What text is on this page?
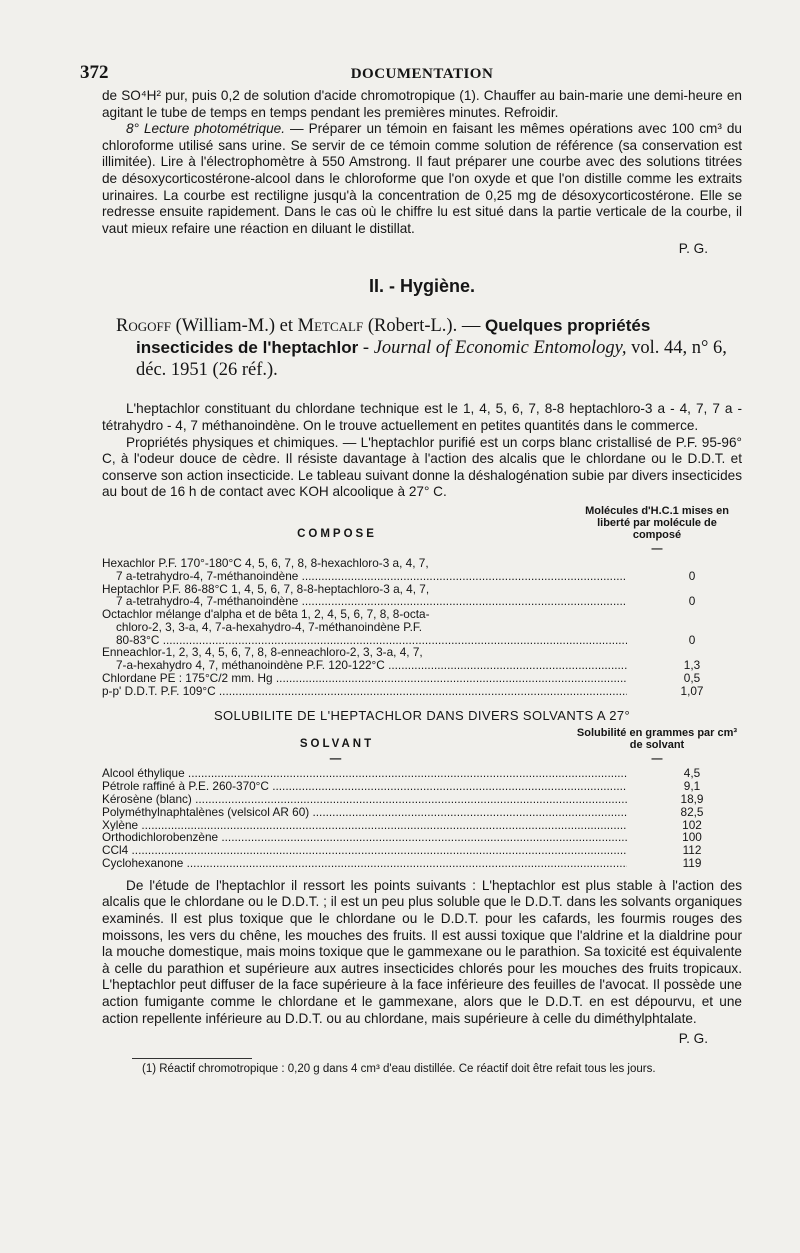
372	DOCUMENTATION

de SO⁴H² pur, puis 0,2 de solution d'acide chromotropique (1). Chauffer au bain-marie une demi-heure en agitant le tube de temps en temps pendant les premières minutes. Refroidir.

8° Lecture photométrique. — Préparer un témoin en faisant les mêmes opérations avec 100 cm³ du chloroforme utilisé sans urine. Se servir de ce témoin comme solution de référence (sa conservation est illimitée). Lire à l'électrophomètre à 550 Amstrong. Il faut préparer une courbe avec des solutions titrées de désoxycorticostérone-alcool dans le chloroforme que l'on oxyde et que l'on distille comme les extraits urinaires. La courbe est rectiligne jusqu'à la concentration de 0,25 mg de désoxycorticostérone. Elle se redresse ensuite rapidement. Dans le cas où le chiffre lu est situé dans la partie verticale de la courbe, il vaut mieux refaire une réaction en diluant le distillat.

P. G.
II. - Hygiène.
Rogoff (William-M.) et Metcalf (Robert-L.). — Quelques propriétés insecticides de l'heptachlor - Journal of Economic Entomology, vol. 44, n° 6, déc. 1951 (26 réf.).

L'heptachlor constituant du chlordane technique est le 1, 4, 5, 6, 7, 8-8 heptachloro-3 a - 4, 7, 7 a - tétrahydro - 4, 7 méthanoindène. On le trouve actuellement en petites quantités dans le commerce.

Propriétés physiques et chimiques. — L'heptachlor purifié est un corps blanc cristallisé de P.F. 95-96° C, à l'odeur douce de cèdre. Il résiste davantage à l'action des alcalis que le chlordane ou le D.D.T. et conserve son action insecticide. Le tableau suivant donne la déshalogénation subie par divers insecticides au bout de 16 h de contact avec KOH alcoolique à 27° C.

COMPOSE
Molécules d'H.C.1 mises en liberté par molécule de composé
—
Hexachlor P.F. 170°-180°C 4, 5, 6, 7, 8, 8-hexachloro-3 a, 4, 7,
7 a-tetrahydro-4, 7-méthanoindène .....	0
Heptachlor P.F. 86-88°C 1, 4, 5, 6, 7, 8-8-heptachloro-3 a, 4, 7,
7 a-tetrahydro-4, 7-méthanoindène .....	0
Octachlor mélange d'alpha et de bêta 1, 2, 4, 5, 6, 7, 8, 8-octa-
chloro-2, 3, 3-a, 4, 7-a-hexahydro-4, 7-méthanoindène P.F.
80-83°C .....	0
Enneachlor-1, 2, 3, 4, 5, 6, 7, 8, 8-enneachloro-2, 3, 3-a, 4, 7,
7-a-hexahydro 4, 7, méthanoindène P.F. 120-122°C .....	1,3
Chlordane PE : 175°C/2 mm. Hg .....	0,5
p-p' D.D.T. P.F. 109°C .....	1,07
SOLUBILITE DE L'HEPTACHLOR DANS DIVERS SOLVANTS A 27°
SOLVANT
Solubilité en grammes par cm³ de solvant
—	—
Alcool éthylique .....	4,5
Pétrole raffiné à P.E. 260-370°C .....	9,1
Kérosène (blanc) .....	18,9
Polyméthylnaphtalènes (velsicol AR 60) .....	82,5
Xylène .....	102
Orthodichlorobenzène .....	100
CCl4 .....	112
Cyclohexanone .....	119

De l'étude de l'heptachlor il ressort les points suivants : L'heptachlor est plus stable à l'action des alcalis que le chlordane ou le D.D.T. ; il est un peu plus soluble que le D.D.T. dans les solvants organiques examinés. Il est plus toxique que le chlordane ou le D.D.T. pour les cafards, les fourmis rouges des moissons, les vers du chêne, les mouches des fruits. Il est aussi toxique que l'aldrine et la dialdrine pour la mouche domestique, mais moins toxique que le gammexane ou le parathion. Sa toxicité est équivalente à celle du parathion et supérieure aux autres insecticides chlorés pour les mouches des fruits tropicaux. L'heptachlor peut diffuser de la face supérieure à la face inférieure des feuilles de l'avocat. Il possède une action fumigante comme le chlordane et le gammexane, alors que le D.D.T. en est dépourvu, et une action repellente inférieure au D.D.T. ou au chlordane, mais supérieure à celle du diméthylphtalate.

P. G.

(1) Réactif chromotropique : 0,20 g dans 4 cm³ d'eau distillée. Ce réactif doit être refait tous les jours.
